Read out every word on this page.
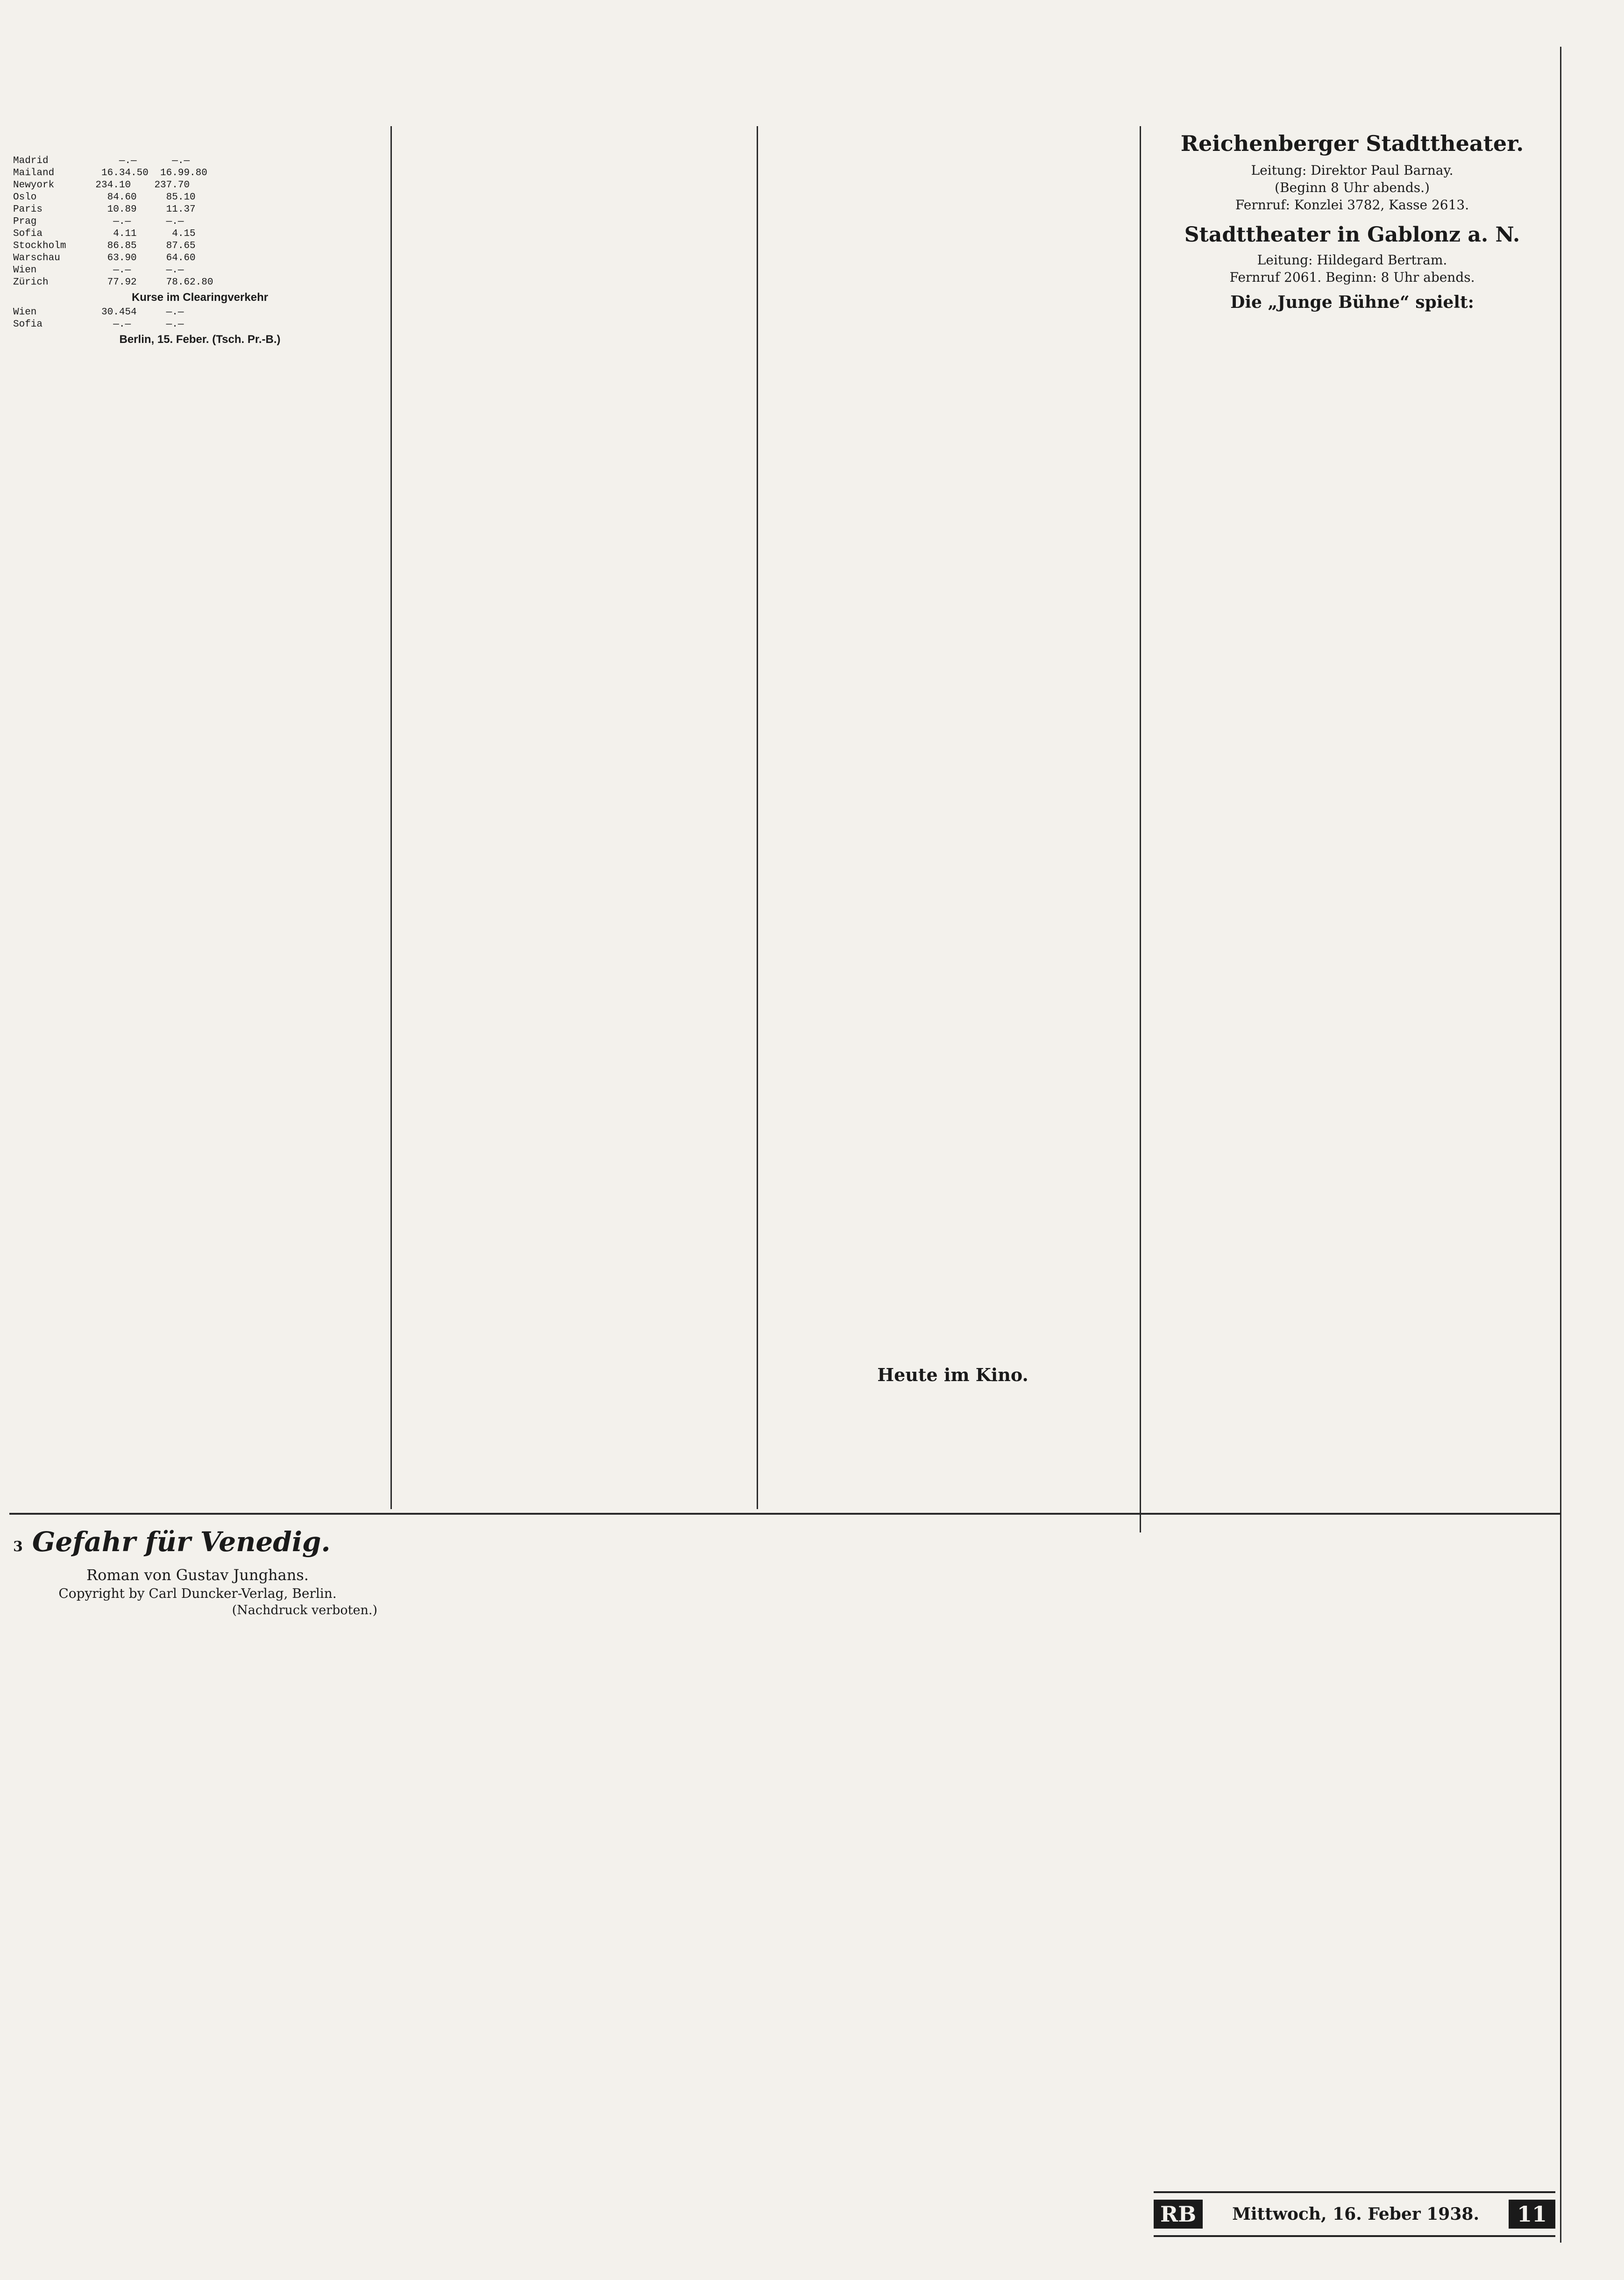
Madrid            —.—      —.—
Mailand        16.34.50  16.99.80
Newyork       234.10    237.70
Oslo            84.60     85.10
Paris           10.89     11.37
Prag             —.—      —.—
Sofia            4.11      4.15
Stockholm       86.85     87.65
Warschau        63.90     64.60
Wien             —.—      —.—
Zürich          77.92     78.62.80
Kurse im Clearingverkehr
Wien           30.454     —.—
Sofia            —.—      —.—
Berlin, 15. Feber. (Tsch. Pr.-B.)

Heute im Kino.
Reichenberger Stadttheater.
Leitung: Direktor Paul Barnay.
(Beginn 8 Uhr abends.)
Fernruf: Konzlei 3782, Kasse 2613.
Stadttheater in Gablonz a. N.
Leitung: Hildegard Bertram.
Fernruf 2061. Beginn: 8 Uhr abends.
Die „Junge Bühne“ spielt:
3 Gefahr für Venedig.
Roman von Gustav Junghans.
Copyright by Carl Duncker-Verlag, Berlin.
(Nachdruck verboten.)
RB	Mittwoch, 16. Feber 1938.	11
